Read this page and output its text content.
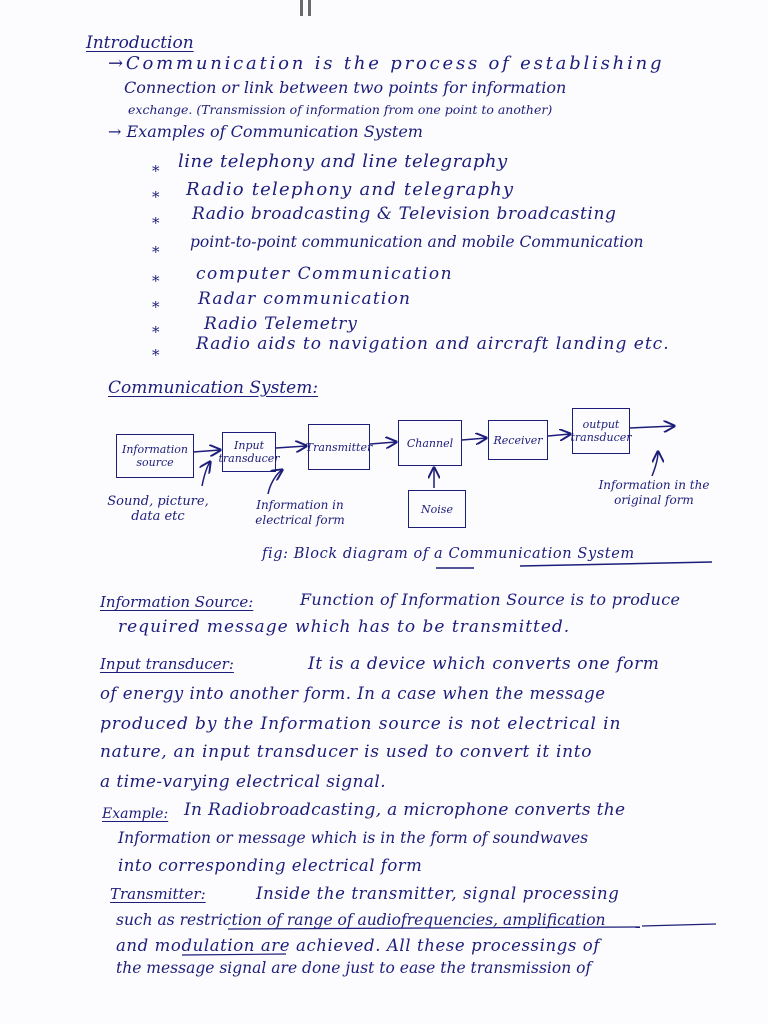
Introduction
→Communication is the process of establishing
Connection or link between two points for information
exchange. (Transmission of information from one point to another)
→ Examples of Communication System
* line telephony and line telegraphy
* Radio telephony and telegraphy
* Radio broadcasting & Television broadcasting
*
point-to-point communication and mobile Communication
* computer Communication
* Radar communication
*	Radio Telemetry
*
Radio aids to navigation and aircraft landing etc.
Communication System:
Information source
Input transducer
Transmitter	Channel	Receiver
output transducer
Noise
Sound, picture, data etc
Information in electrical form
Information in the original form
fig: Block diagram of a Communication System
Information Source:	Function of Information Source is to produce
required message which has to be transmitted.
Input transducer:	It is a device which converts one form
of energy into another form. In a case when the message
produced by the Information source is not electrical in
nature, an input transducer is used to convert it into
a time-varying electrical signal.
Example: In Radiobroadcasting, a microphone converts the
Information or message which is in the form of soundwaves
into corresponding electrical form
Transmitter:	Inside the transmitter, signal processing
such as restriction of range of audiofrequencies, amplification
and modulation are achieved. All these processings of
the message signal are done just to ease the transmission of
